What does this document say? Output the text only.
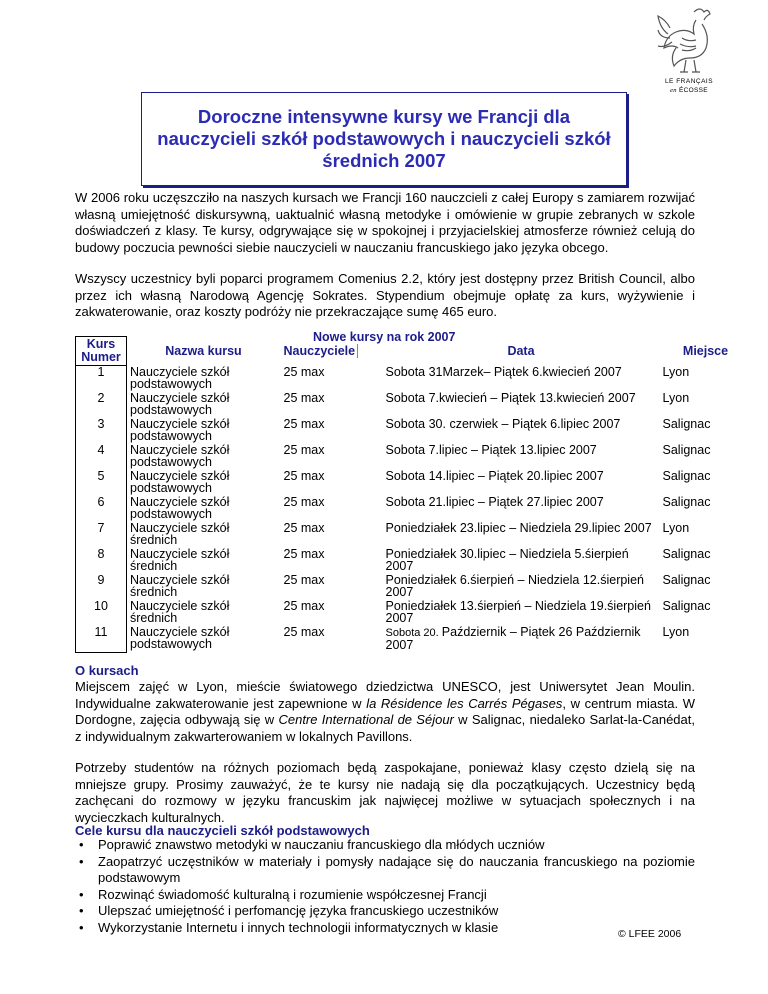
LE FRANÇAIS
en ÉCOSSE
Doroczne intensywne kursy we Francji dla nauczycieli szkół podstawowych i nauczycieli szkół średnich 2007

W 2006 roku uczęszcziło na naszych kursach we Francji 160 nauczcieli z całej Europy s zamiarem rozwijać własną umiejętność diskursywną, uaktualnić własną metodyke i omówienie w grupie zebranych w szkole doświadczeń z klasy. Te kursy, odgrywające się w spokojnej i przyjacielskiej atmosferze również celują do budowy poczucia pewności siebie nauczycieli w nauczaniu francuskiego jako języka obcego.

Wszyscy uczestnicy byli poparci programem Comenius 2.2, który jest dostępny przez British Council, albo przez ich własną Narodową Agencję Sokrates. Stypendium obejmuje opłatę za kurs, wyżywienie i zakwaterowanie, oraz koszty podróży nie przekraczające sumę 465 euro.

Nowe kursy na rok 2007
Kurs Numer	Nazwa kursu	Nauczyciele	Data	Miejsce
1	Nauczyciele szkół podstawowych	25 max	Sobota 31Marzek– Piątek 6.kwiecień 2007	Lyon
2	Nauczyciele szkół podstawowych	25 max	Sobota 7.kwiecień – Piątek 13.kwiecień 2007	Lyon
3	Nauczyciele szkół podstawowych	25 max	Sobota 30. czerwiek – Piątek 6.lipiec 2007	Salignac
4	Nauczyciele szkół podstawowych	25 max	Sobota 7.lipiec – Piątek 13.lipiec 2007	Salignac
5	Nauczyciele szkół podstawowych	25 max	Sobota 14.lipiec – Piątek 20.lipiec 2007	Salignac
6	Nauczyciele szkół podstawowych	25 max	Sobota 21.lipiec – Piątek 27.lipiec 2007	Salignac
7	Nauczyciele szkół średnich	25 max	Poniedziałek 23.lipiec – Niedziela 29.lipiec 2007	Lyon
8	Nauczyciele szkół średnich	25 max	Poniedziałek 30.lipiec – Niedziela 5.śierpień 2007	Salignac
9	Nauczyciele szkół średnich	25 max	Poniedziałek 6.śierpień – Niedziela 12.śierpień 2007	Salignac
10	Nauczyciele szkół średnich	25 max	Poniedziałek 13.śierpień – Niedziela 19.śierpień 2007	Salignac
11	Nauczyciele szkół podstawowych	25 max	Sobota 20. Październik – Piątek 26 Październik 2007	Lyon
O kursach

Miejscem zajęć w Lyon, mieście światowego dziedzictwa UNESCO, jest Uniwersytet Jean Moulin. Indywidualne zakwaterowanie jest zapewnione w la Résidence les Carrés Pégases, w centrum miasta. W Dordogne, zajęcia odbywają się w Centre International de Séjour w Salignac, niedaleko Sarlat-la-Canédat, z indywidualnym zakwarterowaniem w lokalnych Pavillons.

Potrzeby studentów na różnych poziomach będą zaspokajane, ponieważ klasy często dzielą się na mniejsze grupy. Prosimy zauważyć, że te kursy nie nadają się dla początkujących. Uczestnicy będą zachęcani do rozmowy w języku francuskim jak najwięcej możliwe w sytuacjach społecznych i na wycieczkach kulturalnych.

Cele kursu dla nauczycieli szkół podstawowych
• Poprawić znawstwo metodyki w nauczaniu francuskiego dla młódych uczniów
• Zaopatrzyć uczęstników w materiały i pomysły nadające się do nauczania francuskiego na poziomie podstawowym
• Rozwinąć świadomość kulturalną i rozumienie współczesnej Francji
• Ulepszać umiejętność i perfomancję języka francuskiego uczestników
• Wykorzystanie Internetu i innych technologii informatycznych w klasie	© LFEE 2006
